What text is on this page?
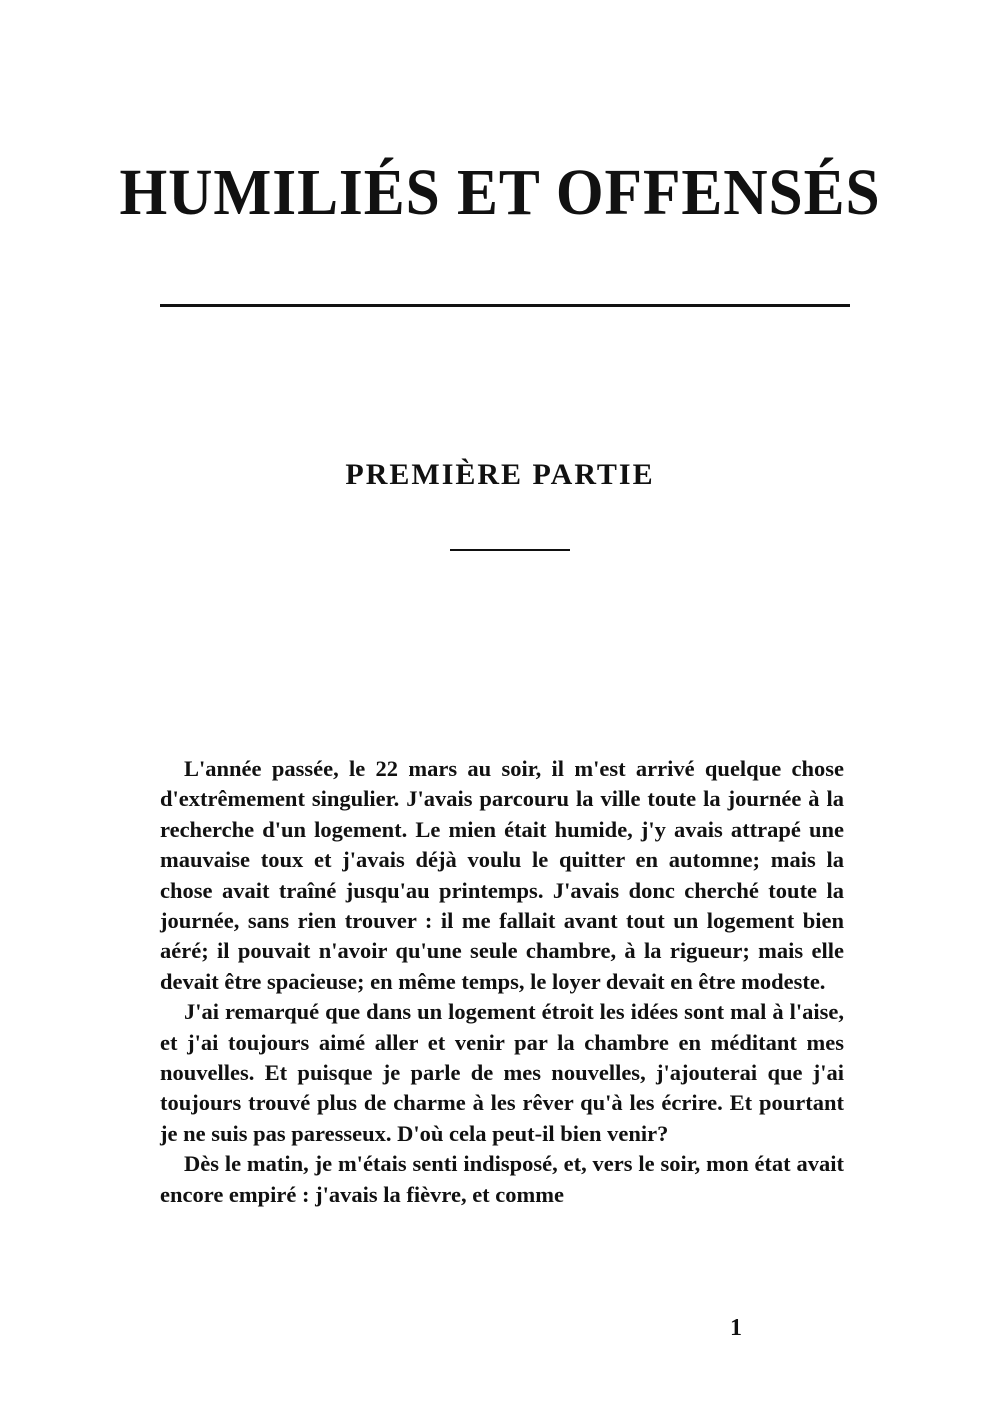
HUMILIÉS ET OFFENSÉS
PREMIÈRE PARTIE

L'année passée, le 22 mars au soir, il m'est arrivé quelque chose d'extrêmement singulier. J'avais parcouru la ville toute la journée à la recherche d'un logement. Le mien était humide, j'y avais attrapé une mauvaise toux et j'avais déjà voulu le quitter en automne; mais la chose avait traîné jusqu'au printemps. J'avais donc cherché toute la journée, sans rien trouver : il me fallait avant tout un logement bien aéré; il pouvait n'avoir qu'une seule chambre, à la rigueur; mais elle devait être spacieuse; en même temps, le loyer devait en être modeste.

J'ai remarqué que dans un logement étroit les idées sont mal à l'aise, et j'ai toujours aimé aller et venir par la chambre en méditant mes nouvelles. Et puisque je parle de mes nouvelles, j'ajouterai que j'ai toujours trouvé plus de charme à les rêver qu'à les écrire. Et pourtant je ne suis pas paresseux. D'où cela peut-il bien venir?

Dès le matin, je m'étais senti indisposé, et, vers le soir, mon état avait encore empiré : j'avais la fièvre, et comme

1
